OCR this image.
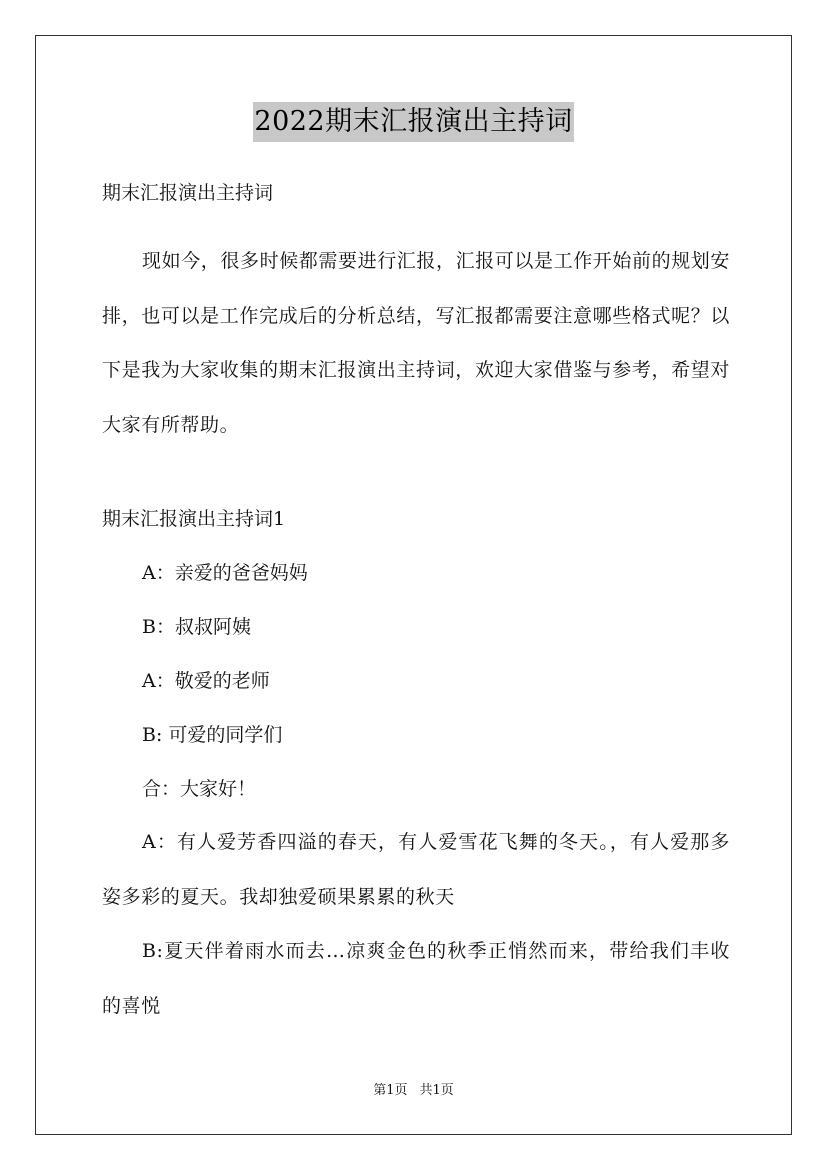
2022期末汇报演出主持词
期末汇报演出主持词

现如今，很多时候都需要进行汇报，汇报可以是工作开始前的规划安排，也可以是工作完成后的分析总结，写汇报都需要注意哪些格式呢？以下是我为大家收集的期末汇报演出主持词，欢迎大家借鉴与参考，希望对大家有所帮助。

期末汇报演出主持词1
A：亲爱的爸爸妈妈
B：叔叔阿姨
A：敬爱的老师
B: 可爱的同学们
合：大家好！

A：有人爱芳香四溢的春天，有人爱雪花飞舞的冬天。，有人爱那多姿多彩的夏天。我却独爱硕果累累的秋天

B:夏天伴着雨水而去…凉爽金色的秋季正悄然而来，带给我们丰收的喜悦

第1页 共1页
